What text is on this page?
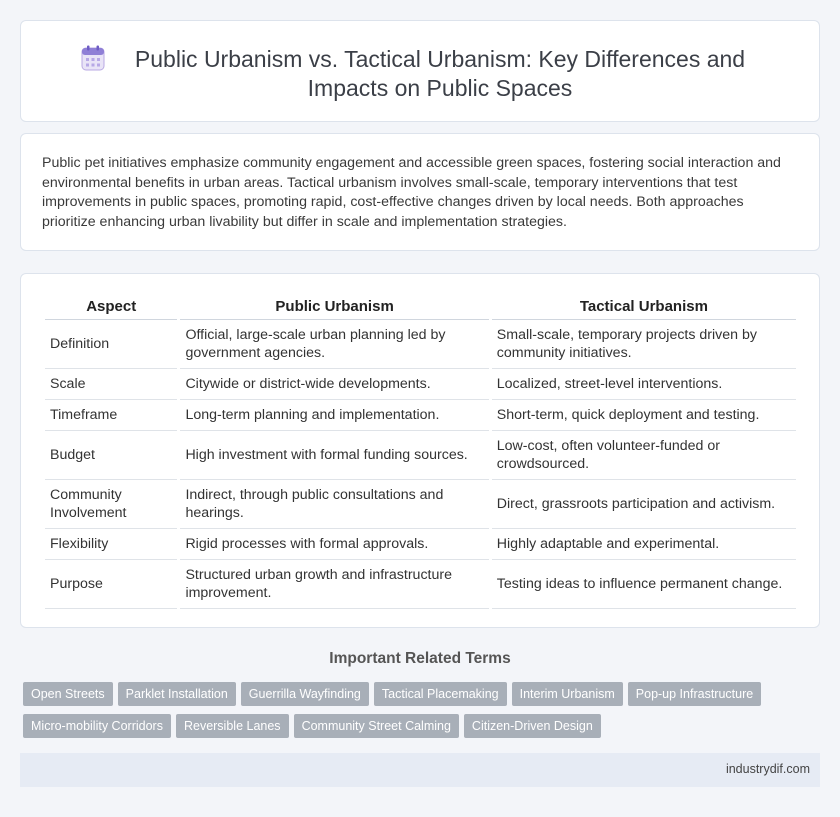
Public Urbanism vs. Tactical Urbanism: Key Differences and Impacts on Public Spaces

Public pet initiatives emphasize community engagement and accessible green spaces, fostering social interaction and environmental benefits in urban areas. Tactical urbanism involves small-scale, temporary interventions that test improvements in public spaces, promoting rapid, cost-effective changes driven by local needs. Both approaches prioritize enhancing urban livability but differ in scale and implementation strategies.

Aspect	Public Urbanism	Tactical Urbanism
Definition	Official, large-scale urban planning led by government agencies.	Small-scale, temporary projects driven by community initiatives.
Scale	Citywide or district-wide developments.	Localized, street-level interventions.
Timeframe	Long-term planning and implementation.	Short-term, quick deployment and testing.
Budget	High investment with formal funding sources.	Low-cost, often volunteer-funded or crowdsourced.
Community Involvement	Indirect, through public consultations and hearings.	Direct, grassroots participation and activism.
Flexibility	Rigid processes with formal approvals.	Highly adaptable and experimental.
Purpose	Structured urban growth and infrastructure improvement.	Testing ideas to influence permanent change.
Important Related Terms
Open Streets Parklet Installation Guerrilla Wayfinding Tactical Placemaking Interim Urbanism Pop-up InfrastructureMicro-mobility Corridors Reversible Lanes Community Street Calming Citizen-Driven Design
industrydif.com
